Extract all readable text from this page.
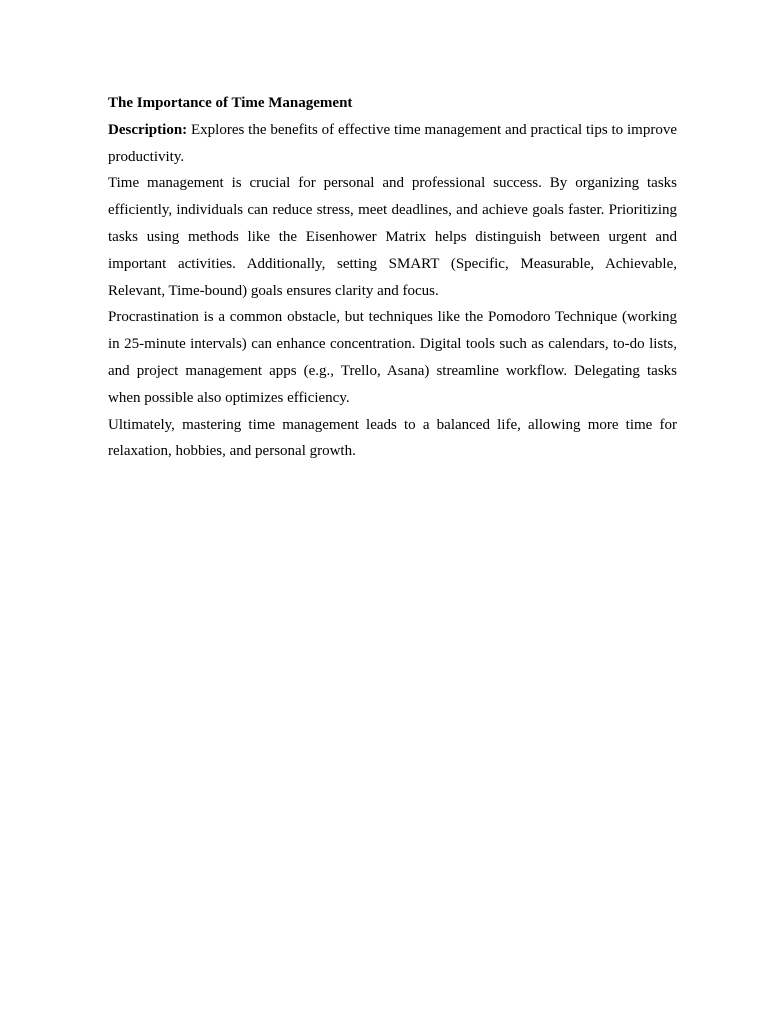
The Importance of Time Management

Description: Explores the benefits of effective time management and practical tips to improve productivity.

Time management is crucial for personal and professional success. By organizing tasks efficiently, individuals can reduce stress, meet deadlines, and achieve goals faster. Prioritizing tasks using methods like the Eisenhower Matrix helps distinguish between urgent and important activities. Additionally, setting SMART (Specific, Measurable, Achievable, Relevant, Time-bound) goals ensures clarity and focus.

Procrastination is a common obstacle, but techniques like the Pomodoro Technique (working in 25-minute intervals) can enhance concentration. Digital tools such as calendars, to-do lists, and project management apps (e.g., Trello, Asana) streamline workflow. Delegating tasks when possible also optimizes efficiency.

Ultimately, mastering time management leads to a balanced life, allowing more time for relaxation, hobbies, and personal growth.
